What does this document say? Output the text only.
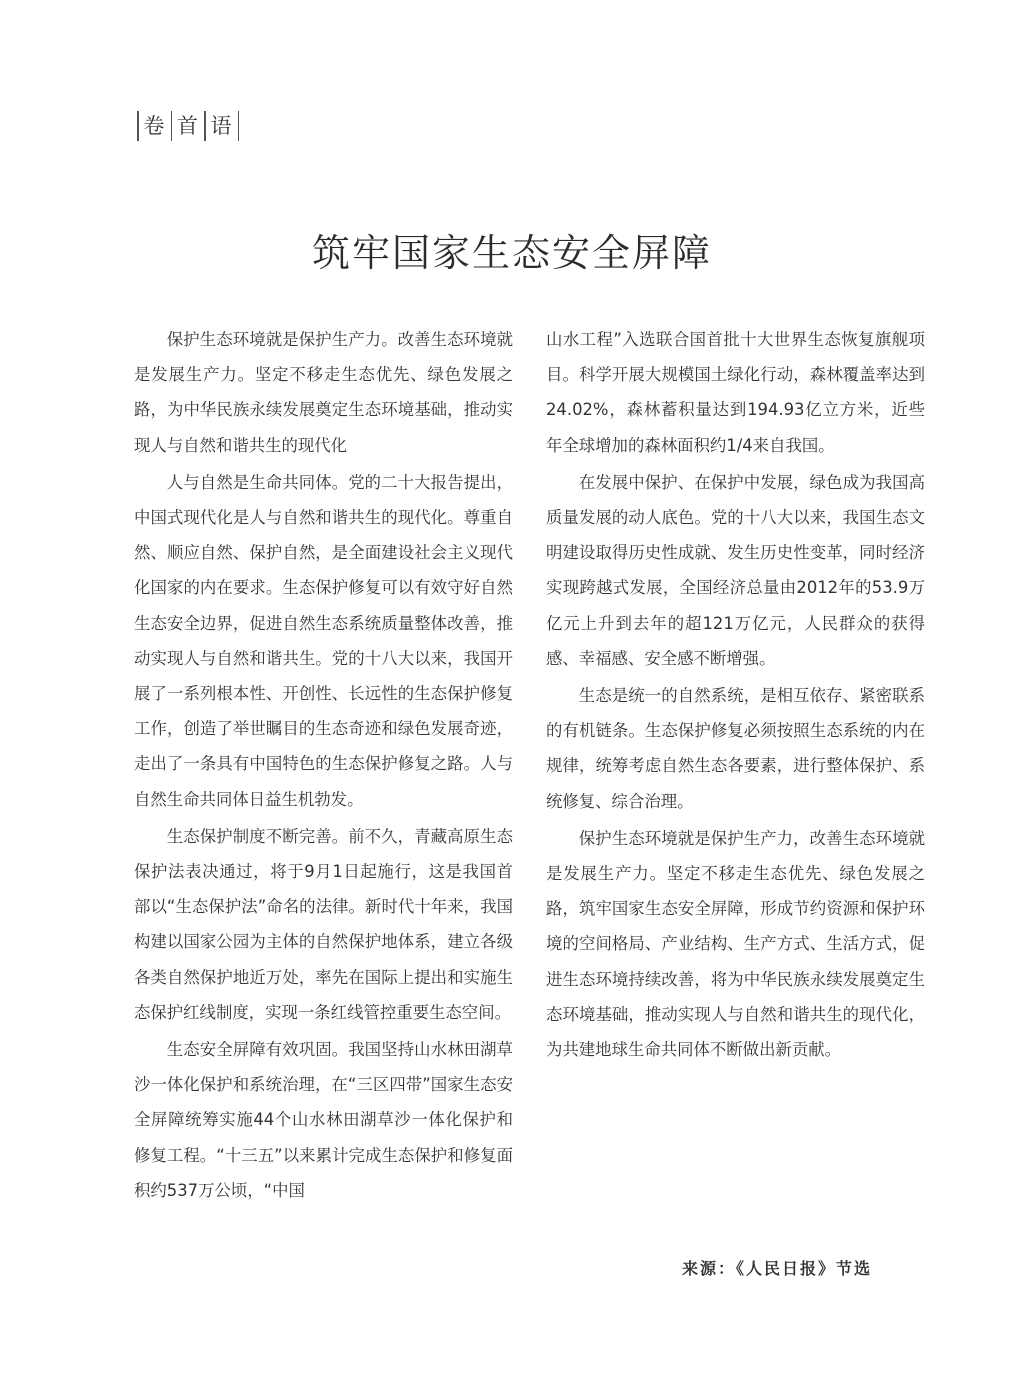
卷 首 语
筑牢国家生态安全屏障

保护生态环境就是保护生产力。改善生态环境就是发展生产力。坚定不移走生态优先、绿色发展之路，为中华民族永续发展奠定生态环境基础，推动实现人与自然和谐共生的现代化

人与自然是生命共同体。党的二十大报告提出，中国式现代化是人与自然和谐共生的现代化。尊重自然、顺应自然、保护自然，是全面建设社会主义现代化国家的内在要求。生态保护修复可以有效守好自然生态安全边界，促进自然生态系统质量整体改善，推动实现人与自然和谐共生。党的十八大以来，我国开展了一系列根本性、开创性、长远性的生态保护修复工作，创造了举世瞩目的生态奇迹和绿色发展奇迹，走出了一条具有中国特色的生态保护修复之路。人与自然生命共同体日益生机勃发。

生态保护制度不断完善。前不久，青藏高原生态保护法表决通过，将于9月1日起施行，这是我国首部以“生态保护法”命名的法律。新时代十年来，我国构建以国家公园为主体的自然保护地体系，建立各级各类自然保护地近万处，率先在国际上提出和实施生态保护红线制度，实现一条红线管控重要生态空间。

生态安全屏障有效巩固。我国坚持山水林田湖草沙一体化保护和系统治理，在“三区四带”国家生态安全屏障统筹实施44个山水林田湖草沙一体化保护和修复工程。“十三五”以来累计完成生态保护和修复面积约537万公顷，“中国

山水工程”入选联合国首批十大世界生态恢复旗舰项目。科学开展大规模国土绿化行动，森林覆盖率达到24.02%，森林蓄积量达到194.93亿立方米，近些年全球增加的森林面积约1/4来自我国。

在发展中保护、在保护中发展，绿色成为我国高质量发展的动人底色。党的十八大以来，我国生态文明建设取得历史性成就、发生历史性变革，同时经济实现跨越式发展，全国经济总量由2012年的53.9万亿元上升到去年的超121万亿元，人民群众的获得感、幸福感、安全感不断增强。

生态是统一的自然系统，是相互依存、紧密联系的有机链条。生态保护修复必须按照生态系统的内在规律，统筹考虑自然生态各要素，进行整体保护、系统修复、综合治理。

保护生态环境就是保护生产力，改善生态环境就是发展生产力。坚定不移走生态优先、绿色发展之路，筑牢国家生态安全屏障，形成节约资源和保护环境的空间格局、产业结构、生产方式、生活方式，促进生态环境持续改善，将为中华民族永续发展奠定生态环境基础，推动实现人与自然和谐共生的现代化，为共建地球生命共同体不断做出新贡献。

来源：《人民日报》节选
